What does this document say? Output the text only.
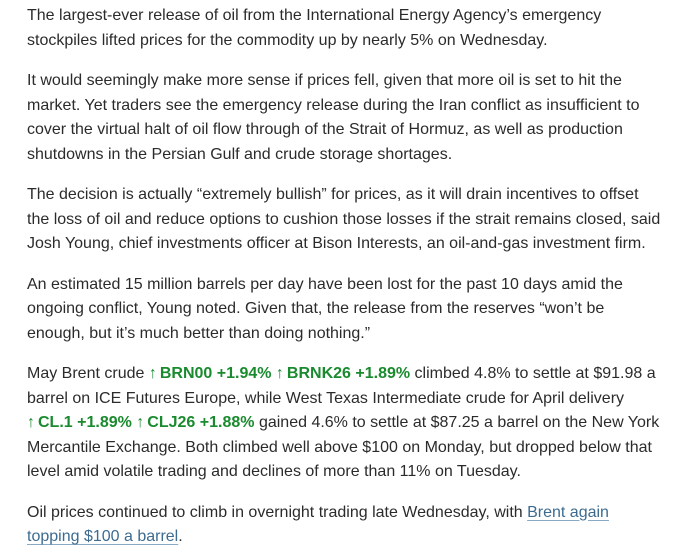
The largest-ever release of oil from the International Energy Agency’s emergency stockpiles lifted prices for the commodity up by nearly 5% on Wednesday.

It would seemingly make more sense if prices fell, given that more oil is set to hit the market. Yet traders see the emergency release during the Iran conflict as insufficient to cover the virtual halt of oil flow through of the Strait of Hormuz, as well as production shutdowns in the Persian Gulf and crude storage shortages.

The decision is actually “extremely bullish” for prices, as it will drain incentives to offset the loss of oil and reduce options to cushion those losses if the strait remains closed, said Josh Young, chief investments officer at Bison Interests, an oil-and-gas investment firm.

An estimated 15 million barrels per day have been lost for the past 10 days amid the ongoing conflict, Young noted. Given that, the release from the reserves “won’t be enough, but it’s much better than doing nothing.”

May Brent crude ↑ BRN00 +1.94% ↑ BRNK26 +1.89% climbed 4.8% to settle at $91.98 a barrel on ICE Futures Europe, while West Texas Intermediate crude for April delivery ↑ CL.1 +1.89% ↑ CLJ26 +1.88% gained 4.6% to settle at $87.25 a barrel on the New York Mercantile Exchange. Both climbed well above $100 on Monday, but dropped below that level amid volatile trading and declines of more than 11% on Tuesday.

Oil prices continued to climb in overnight trading late Wednesday, with Brent again topping $100 a barrel.
